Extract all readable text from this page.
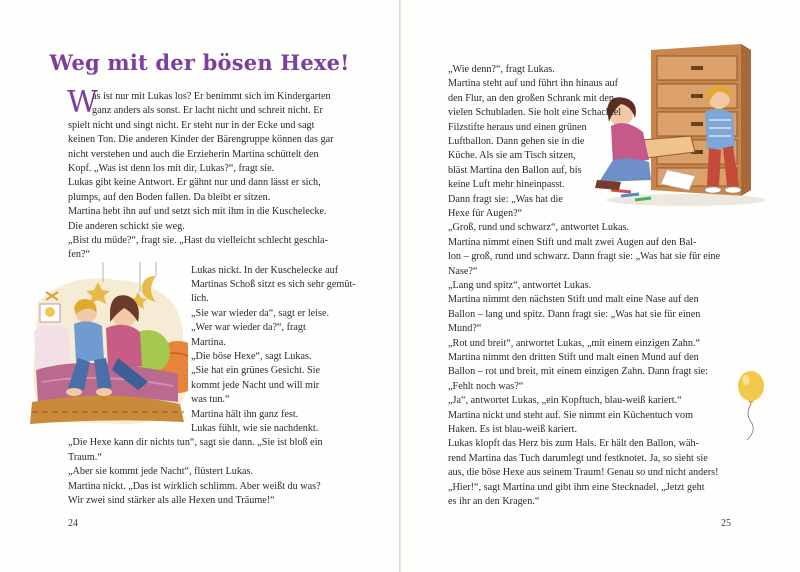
Weg mit der bösen Hexe!
W

as ist nur mit Lukas los? Er benimmt sich im Kindergarten

ganz anders als sonst. Er lacht nicht und schreit nicht. Er

spielt nicht und singt nicht. Er steht nur in der Ecke und sagt

keinen Ton. Die anderen Kinder der Bärengruppe können das gar

nicht verstehen und auch die Erzieherin Martina schüttelt den

Kopf. „Was ist denn los mit dir, Lukas?“, fragt sie.

Lukas gibt keine Antwort. Er gähnt nur und dann lässt er sich,

plumps, auf den Boden fallen. Da bleibt er sitzen.

Martina hebt ihn auf und setzt sich mit ihm in die Kuschelecke.

Die anderen schickt sie weg.

„Bist du müde?“, fragt sie. „Hast du vielleicht schlecht geschla-

fen?“

Lukas nickt. In der Kuschelecke auf

Martinas Schoß sitzt es sich sehr gemüt-

lich.

„Sie war wieder da“, sagt er leise.

„Wer war wieder da?“, fragt

Martina.

„Die böse Hexe“, sagt Lukas.

„Sie hat ein grünes Gesicht. Sie

kommt jede Nacht und will mir

was tun.“

Martina hält ihn ganz fest.

Lukas fühlt, wie sie nachdenkt.

„Die Hexe kann dir nichts tun“, sagt sie dann. „Sie ist bloß ein

Traum.“

„Aber sie kommt jede Nacht“, flüstert Lukas.

Martina nickt. „Das ist wirklich schlimm. Aber weißt du was?

Wir zwei sind stärker als alle Hexen und Träume!“

24

„Wie denn?“, fragt Lukas.

Martina steht auf und führt ihn hinaus auf

den Flur, an den großen Schrank mit den

vielen Schubladen. Sie holt eine Schachtel

Filzstifte heraus und einen grünen

Luftballon. Dann gehen sie in die

Küche. Als sie am Tisch sitzen,

bläst Martina den Ballon auf, bis

keine Luft mehr hineinpasst.

Dann fragt sie: „Was hat die

Hexe für Augen?“

„Groß, rund und schwarz“, antwortet Lukas.

Martina nimmt einen Stift und malt zwei Augen auf den Bal-

lon – groß, rund und schwarz. Dann fragt sie: „Was hat sie für eine

Nase?“

„Lang und spitz“, antwortet Lukas.

Martina nimmt den nächsten Stift und malt eine Nase auf den

Ballon – lang und spitz. Dann fragt sie: „Was hat sie für einen

Mund?“

„Rot und breit“, antwortet Lukas, „mit einem einzigen Zahn.“

Martina nimmt den dritten Stift und malt einen Mund auf den

Ballon – rot und breit, mit einem einzigen Zahn. Dann fragt sie:

„Fehlt noch was?“

„Ja“, antwortet Lukas, „ein Kopftuch, blau-weiß kariert.“

Martina nickt und steht auf. Sie nimmt ein Küchentuch vom

Haken. Es ist blau-weiß kariert.

Lukas klopft das Herz bis zum Hals. Er hält den Ballon, wäh-

rend Martina das Tuch darumlegt und festknotet. Ja, so sieht sie

aus, die böse Hexe aus seinem Traum! Genau so und nicht anders!

„Hier!“, sagt Martina und gibt ihm eine Stecknadel. „Jetzt geht

es ihr an den Kragen.“

25
